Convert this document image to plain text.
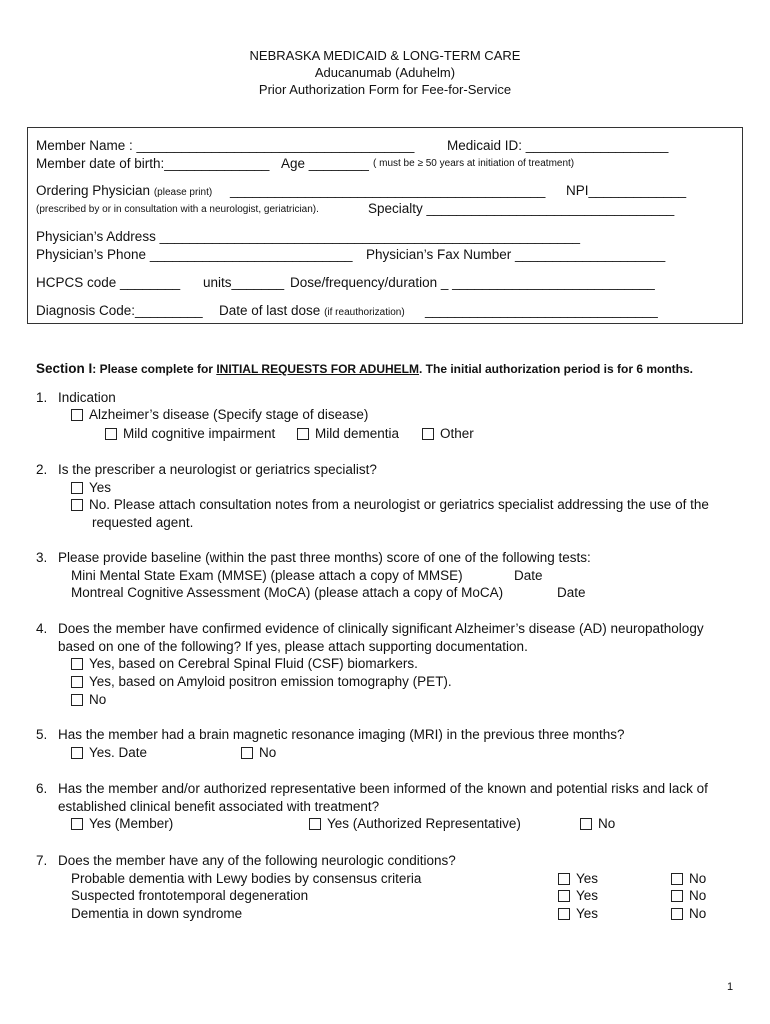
NEBRASKA MEDICAID & LONG-TERM CARE
Aducanumab (Aduhelm)
Prior Authorization Form for Fee-for-Service
Member Name : _____________________________________ Medicaid ID: ___________________
Member date of birth:______________ Age ________ ( must be ≥ 50 years at initiation of treatment)
Ordering Physician (please print) __________________________________________ NPI_____________
(prescribed by or in consultation with a neurologist, geriatrician).	Specialty _________________________________
Physician’s Address ________________________________________________________
Physician’s Phone ___________________________ Physician’s Fax Number ____________________
HCPCS code ________ units_______ Dose/frequency/duration _ ___________________________
Diagnosis Code:_________ Date of last dose (if reauthorization) _______________________________
Section I: Please complete for INITIAL REQUESTS FOR ADUHELM. The initial authorization period is for 6 months.
1. Indication
Alzheimer’s disease (Specify stage of disease)
Mild cognitive impairment	Mild dementia	Other
2. Is the prescriber a neurologist or geriatrics specialist?
Yes
No. Please attach consultation notes from a neurologist or geriatrics specialist addressing the use of the
requested agent.
3. Please provide baseline (within the past three months) score of one of the following tests:
Mini Mental State Exam (MMSE) (please attach a copy of MMSE)	Date
Montreal Cognitive Assessment (MoCA) (please attach a copy of MoCA)	Date
4. Does the member have confirmed evidence of clinically significant Alzheimer’s disease (AD) neuropathology
based on one of the following? If yes, please attach supporting documentation.
Yes, based on Cerebral Spinal Fluid (CSF) biomarkers.
Yes, based on Amyloid positron emission tomography (PET).
No
5. Has the member had a brain magnetic resonance imaging (MRI) in the previous three months?
Yes. Date	No
6. Has the member and/or authorized representative been informed of the known and potential risks and lack of
established clinical benefit associated with treatment?
Yes (Member)	Yes (Authorized Representative)	No
7. Does the member have any of the following neurologic conditions?
Probable dementia with Lewy bodies by consensus criteria	Yes	No
Suspected frontotemporal degeneration	Yes	No
Dementia in down syndrome	Yes	No
1
